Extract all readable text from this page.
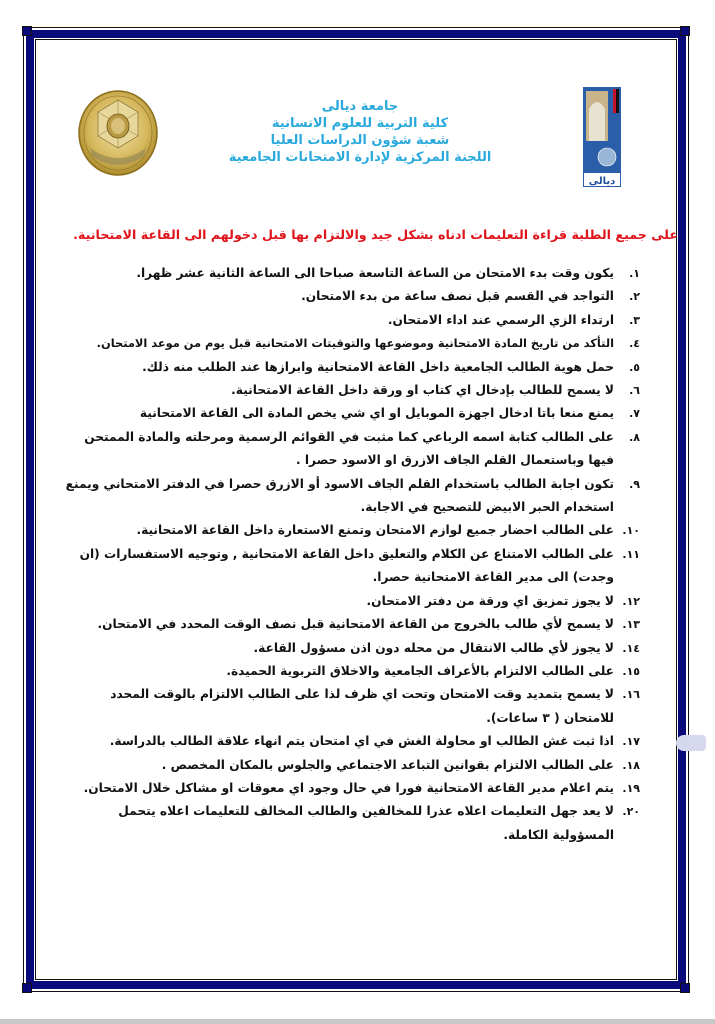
ديالى
جامعة ديالى
كلية التربية للعلوم الانسانية
شعبة شؤون الدراسات العليا
اللجنة المركزية لإدارة الامتحانات الجامعية
على جميع الطلبة قراءة التعليمات ادناه بشكل جيد والالتزام بها قبل دخولهم الى القاعة الامتحانية.
١.
يكون وقت بدء الامتحان من الساعة التاسعة صباحا الى الساعة الثانية عشر ظهرا.
٢.
التواجد في القسم قبل نصف ساعة من بدء الامتحان.
٣.
ارتداء الزي الرسمي عند اداء الامتحان.
٤.
التأكد من تاريخ المادة الامتحانية وموضوعها والتوقيتات الامتحانية قبل يوم من موعد الامتحان.
٥.
حمل هوية الطالب الجامعية داخل القاعة الامتحانية وابرازها عند الطلب منه ذلك.
٦.
لا يسمح للطالب بإدخال اي كتاب او ورقة داخل القاعة الامتحانية.
٧.
يمنع منعا باتا ادخال اجهزة الموبايل او اي شي يخص المادة الى القاعة الامتحانية
٨.
على الطالب كتابة اسمه الرباعي كما مثبت في القوائم الرسمية ومرحلته والمادة الممتحن فيها وباستعمال القلم الجاف الازرق او الاسود حصرا .
٩.
تكون اجابة الطالب باستخدام القلم الجاف الاسود أو الازرق حصرا في الدفتر الامتحاني ويمنع استخدام الحبر الابيض للتصحيح في الاجابة.
١٠.
على الطالب احضار جميع لوازم الامتحان وتمنع الاستعارة داخل القاعة الامتحانية.
١١.
على الطالب الامتناع عن الكلام والتعليق داخل القاعة الامتحانية , وتوجيه الاستفسارات (ان وجدت) الى مدير القاعة الامتحانية حصرا.
١٢.
لا يجوز تمزيق اي ورقة من دفتر الامتحان.
١٣.
لا يسمح لأي طالب بالخروج من القاعة الامتحانية قبل نصف الوقت المحدد في الامتحان.
١٤.
لا يجوز لأي طالب الانتقال من محله دون اذن مسؤول القاعة.
١٥.
على الطالب الالتزام بالأعراف الجامعية والاخلاق التربوية الحميدة.
١٦.
لا يسمح بتمديد وقت الامتحان وتحت اي ظرف لذا على الطالب الالتزام بالوقت المحدد للامتحان ( ٣ ساعات).
١٧.
اذا ثبت غش الطالب او محاولة الغش في اي امتحان يتم انهاء علاقة الطالب بالدراسة.
١٨.
على الطالب الالتزام بقوانين التباعد الاجتماعي والجلوس بالمكان المخصص .
١٩.
يتم اعلام مدير القاعة الامتحانية فورا في حال وجود اي معوقات او مشاكل خلال الامتحان.
٢٠.
لا يعد جهل التعليمات اعلاه عذرا للمخالفين والطالب المخالف للتعليمات اعلاه يتحمل المسؤولية الكاملة.
